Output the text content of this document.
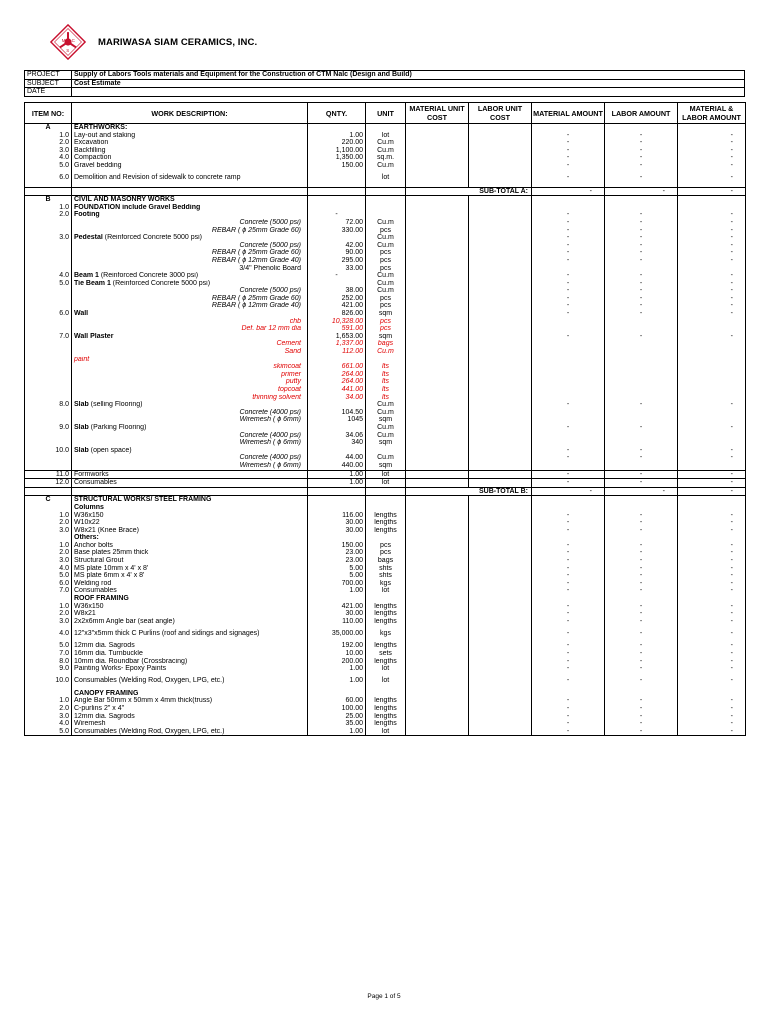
M
S
C MARIWASA SIAM CERAMICS, INC.
PROJECT	Supply of Labors Tools materials and Equipment for the Construction of CTM Nalc (Design and Build)
SUBJECT	Cost Estimate
DATE	
ITEM NO:	WORK DESCRIPTION:	QNTY.	UNIT	MATERIAL UNIT COST	LABOR UNIT COST	MATERIAL AMOUNT	LABOR AMOUNT	MATERIAL & LABOR AMOUNT
A	EARTHWORKS:							
1.0	Lay-out and staking	1.00	lot			-	-	-
2.0	Excavation	220.00	Cu.m			-	-	-
3.0	Backfilling	1,100.00	Cu.m			-	-	-
4.0	Compaction	1,350.00	sq.m.			-	-	-
5.0	Gravel bedding	150.00	Cu.m			-	-	-
6.0	Demolition and Revision of sidewalk to concrete ramp		lot			-	-	-
				SUB-TOTAL A:		-	-	-
B	CIVIL AND MASONRY WORKS							
1.0	FOUNDATION include Gravel Bedding							
2.0	Footing	-				-	-	-
	Concrete (5000 psi)	72.00	Cu.m			-	-	-
	REBAR ( ϕ 25mm Grade 60)	330.00	pcs			-	-	-
3.0	Pedestal (Reinforced Concrete 5000 psi)		Cu.m			-	-	-
	Concrete (5000 psi)	42.00	Cu.m			-	-	-
	REBAR ( ϕ 25mm Grade 60)	90.00	pcs			-	-	-
	REBAR ( ϕ 12mm Grade 40)	295.00	pcs			-	-	-
	3/4" Phenolic Board	33.00	pcs					
4.0	Beam 1 (Reinforced Concrete 3000 psi)	-	Cu.m			-	-	-
5.0	Tie Beam 1 (Reinforced Concrete 5000 psi)		Cu.m			-	-	-
	Concrete (5000 psi)	38.00	Cu.m			-	-	-
	REBAR ( ϕ 25mm Grade 60)	252.00	pcs			-	-	-
	REBAR ( ϕ 12mm Grade 40)	421.00	pcs			-	-	-
6.0	Wall	826.00	sqm			-	-	-
	chb	10,328.00	pcs					
	Def. bar 12 mm dia	591.00	pcs					
7.0	Wall Plaster	1,653.00	sqm			-	-	-
	Cement	1,337.00	bags					
	Sand	112.00	Cu.m					
	paint							
	skimcoat	661.00	lts					
	primer	264.00	lts					
	putty	264.00	lts					
	topcoat	441.00	lts					
	thinning solvent	34.00	lts					
8.0	Slab (selling Flooring)		Cu.m			-	-	-
	Concrete (4000 psi)	104.50	Cu.m					
	Wiremesh ( ϕ 6mm)	1045	sqm					
9.0	Slab (Parking Flooring)		Cu.m			-	-	-
	Concrete (4000 psi)	34.06	Cu.m					
	Wiremesh ( ϕ 6mm)	340	sqm					
10.0	Slab (open space)					-	-	-
	Concrete (4000 psi)	44.00	Cu.m			-	-	-
	Wiremesh ( ϕ 6mm)	440.00	sqm					
11.0	Formworks	1.00	lot			-	-	-
12.0	Consumables	1.00	lot			-	-	-
				SUB-TOTAL B:		-	-	-
C	STRUCTURAL WORKS/ STEEL FRAMING							
	Columns							
1.0	W36x150	116.00	lengths			-	-	-
2.0	W10x22	30.00	lengths			-	-	-
3.0	W8x21 (Knee Brace)	30.00	lengths			-	-	-
	Others:							
1.0	Anchor bolts	150.00	pcs			-	-	-
2.0	Base plates 25mm thick	23.00	pcs			-	-	-
3.0	Structural Grout	23.00	bags			-	-	-
4.0	MS plate 10mm x 4' x 8'	5.00	shts			-	-	-
5.0	MS plate 6mm x 4' x 8'	5.00	shts			-	-	-
6.0	Welding rod	700.00	kgs			-	-	-
7.0	Consumables	1.00	lot			-	-	-
	ROOF FRAMING							
1.0	W36x150	421.00	lengths			-	-	-
2.0	W8x21	30.00	lengths			-	-	-
3.0	2x2x6mm Angle bar (seat angle)	110.00	lengths			-	-	-
4.0	12"x3"x5mm thick C Purlins (roof and sidings and signages)	35,000.00	kgs			-	-	-
5.0	12mm dia. Sagrods	192.00	lengths			-	-	-
7.0	16mm dia. Turnbuckle	10.00	sets			-	-	-
8.0	10mm dia. Roundbar (Crossbracing)	200.00	lengths			-	-	-
9.0	Painting Works- Epoxy Paints	1.00	lot			-	-	-
10.0	Consumables (Welding Rod, Oxygen, LPG, etc.)	1.00	lot			-	-	-
	CANOPY FRAMING							
1.0	Angle Bar 50mm x 50mm x 4mm thick(truss)	60.00	lengths			-	-	-
2.0	C-purlins 2" x 4"	100.00	lengths			-	-	-
3.0	12mm dia. Sagrods	25.00	lengths			-	-	-
4.0	Wiremesh	35.00	lengths			-	-	-
5.0	Consumables (Welding Rod, Oxygen, LPG, etc.)	1.00	lot			-	-	-
Page 1 of 5
